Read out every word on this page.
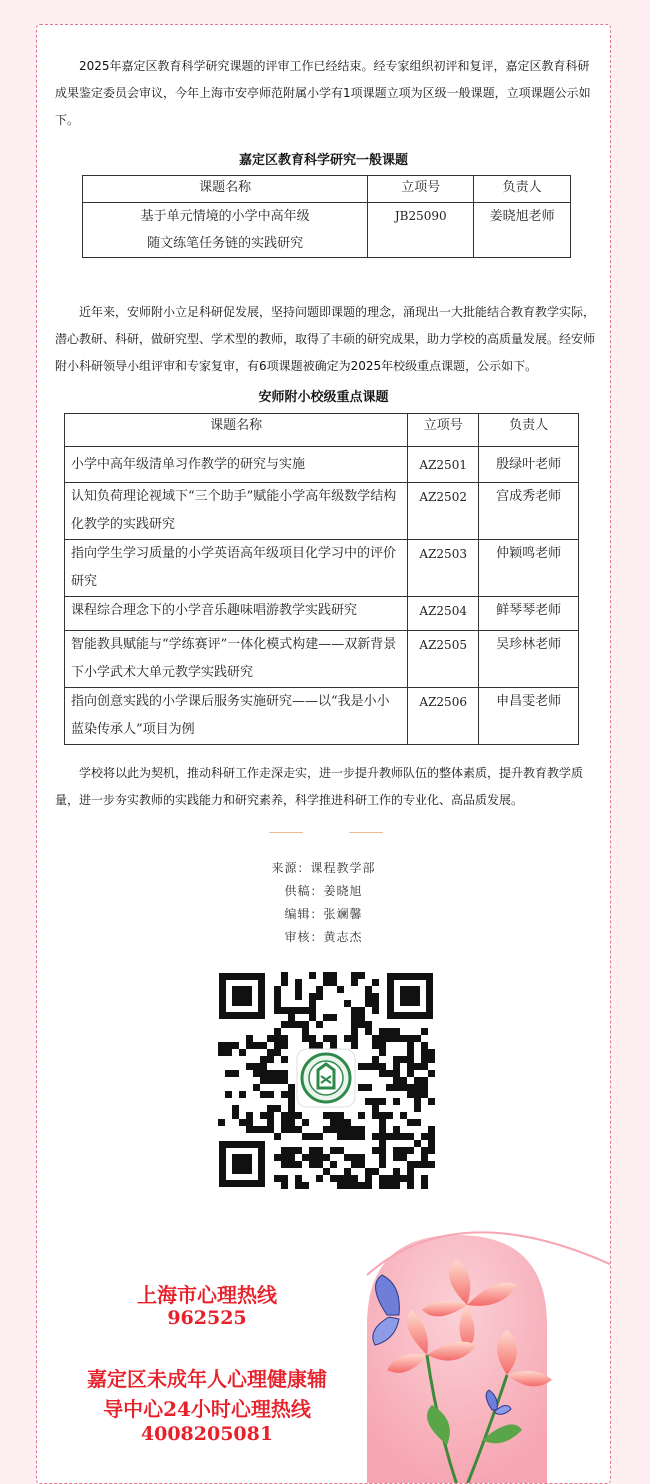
2025年嘉定区教育科学研究课题的评审工作已经结束。经专家组织初评和复评，嘉定区教育科研成果鉴定委员会审议，今年上海市安亭师范附属小学有1项课题立项为区级一般课题，立项课题公示如下。

嘉定区教育科学研究一般课题
课题名称	立项号	负责人

基于单元情境的小学中高年级
随文练笔任务链的实践研究	JB25090	姜晓旭老师

近年来，安师附小立足科研促发展，坚持问题即课题的理念，涌现出一大批能结合教育教学实际，潜心教研、科研，做研究型、学术型的教师，取得了丰硕的研究成果，助力学校的高质量发展。经安师附小科研领导小组评审和专家复审，有6项课题被确定为2025年校级重点课题，公示如下。

安师附小校级重点课题
课题名称	立项号	负责人
小学中高年级清单习作教学的研究与实施	AZ2501	殷绿叶老师
认知负荷理论视域下“三个助手”赋能小学高年级数学结构化教学的实践研究	AZ2502	宫成秀老师
指向学生学习质量的小学英语高年级项目化学习中的评价研究	AZ2503	仲颖鸣老师
课程综合理念下的小学音乐趣味唱游教学实践研究	AZ2504	鲜琴琴老师
智能教具赋能与“学练赛评”一体化模式构建——双新背景下小学武术大单元教学实践研究	AZ2505	吴珍林老师
指向创意实践的小学课后服务实施研究——以“我是小小蓝染传承人”项目为例	AZ2506	申昌雯老师

学校将以此为契机，推动科研工作走深走实，进一步提升教师队伍的整体素质，提升教育教学质量，进一步夯实教师的实践能力和研究素养，科学推进科研工作的专业化、高品质发展。

来源：课程教学部
供稿：姜晓旭
编辑：张斓馨
审核：黄志杰
上海市心理热线
962525
嘉定区未成年人心理健康辅
导中心24小时心理热线
4008205081
